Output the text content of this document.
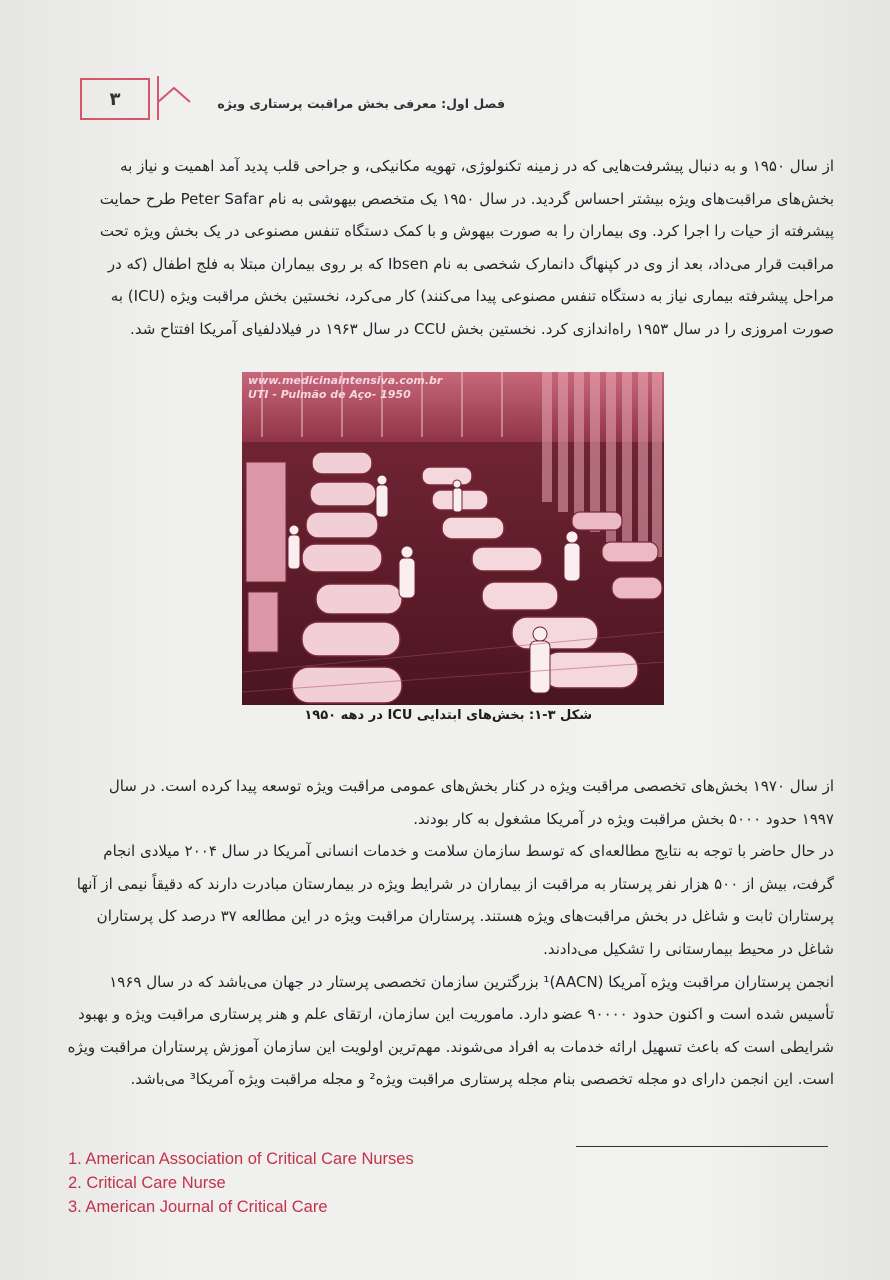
۳	فصل اول: معرفی بخش مراقبت پرستاری ویژه
از سال ۱۹۵۰ و به دنبال پیشرفت‌هایی که در زمینه تکنولوژی، تهویه مکانیکی، و جراحی قلب پدید آمد اهمیت و نیاز به
بخش‌های مراقبت‌های ویژه بیشتر احساس گردید. در سال ۱۹۵۰ یک متخصص بیهوشی به نام Peter Safar طرح حمایت
پیشرفته از حیات را اجرا کرد. وی بیماران را به صورت بیهوش و با کمک دستگاه تنفس مصنوعی در یک بخش ویژه تحت
مراقبت قرار می‌داد، بعد از وی در کپنهاگ دانمارک شخصی به نام Ibsen که بر روی بیماران مبتلا به فلج اطفال (که در
مراحل پیشرفته بیماری نیاز به دستگاه تنفس مصنوعی پیدا می‌کنند) کار می‌کرد، نخستین بخش مراقبت ویژه (ICU) به
صورت امروزی را در سال ۱۹۵۳ راه‌اندازی کرد. نخستین بخش CCU در سال ۱۹۶۳ در فیلادلفیای آمریکا افتتاح شد.
www.medicinaintensiva.com.br
UTI - Pulmão de Aço- 1950
شکل ۳-۱: بخش‌های ابتدایی ICU در دهه ۱۹۵۰
از سال ۱۹۷۰ بخش‌های تخصصی مراقبت ویژه در کنار بخش‌های عمومی مراقبت ویژه توسعه پیدا کرده است. در سال
۱۹۹۷ حدود ۵۰۰۰ بخش مراقبت ویژه در آمریکا مشغول به کار بودند.
در حال حاضر با توجه به نتایج مطالعه‌ای که توسط سازمان سلامت و خدمات انسانی آمریکا در سال ۲۰۰۴ میلادی انجام
گرفت، بیش از ۵۰۰ هزار نفر پرستار به مراقبت از بیماران در شرایط ویژه در بیمارستان مبادرت دارند که دقیقاً نیمی از آنها
پرستاران ثابت و شاغل در بخش مراقبت‌های ویژه هستند. پرستاران مراقبت ویژه در این مطالعه ۳۷ درصد کل پرستاران
شاغل در محیط بیمارستانی را تشکیل می‌دادند.
انجمن پرستاران مراقبت ویژه آمریکا (AACN)¹ بزرگترین سازمان تخصصی پرستار در جهان می‌باشد که در سال ۱۹۶۹
تأسیس شده است و اکنون حدود ۹۰۰۰۰ عضو دارد. ماموریت این سازمان، ارتقای علم و هنر پرستاری مراقبت ویژه و بهبود
شرایطی است که باعث تسهیل ارائه خدمات به افراد می‌شوند. مهم‌ترین اولویت این سازمان آموزش پرستاران مراقبت ویژه
است. این انجمن دارای دو مجله تخصصی بنام مجله پرستاری مراقبت ویژه² و مجله مراقبت ویژه آمریکا³ می‌باشد.
1. American Association of Critical Care Nurses
2. Critical Care Nurse
3. American Journal of Critical Care
